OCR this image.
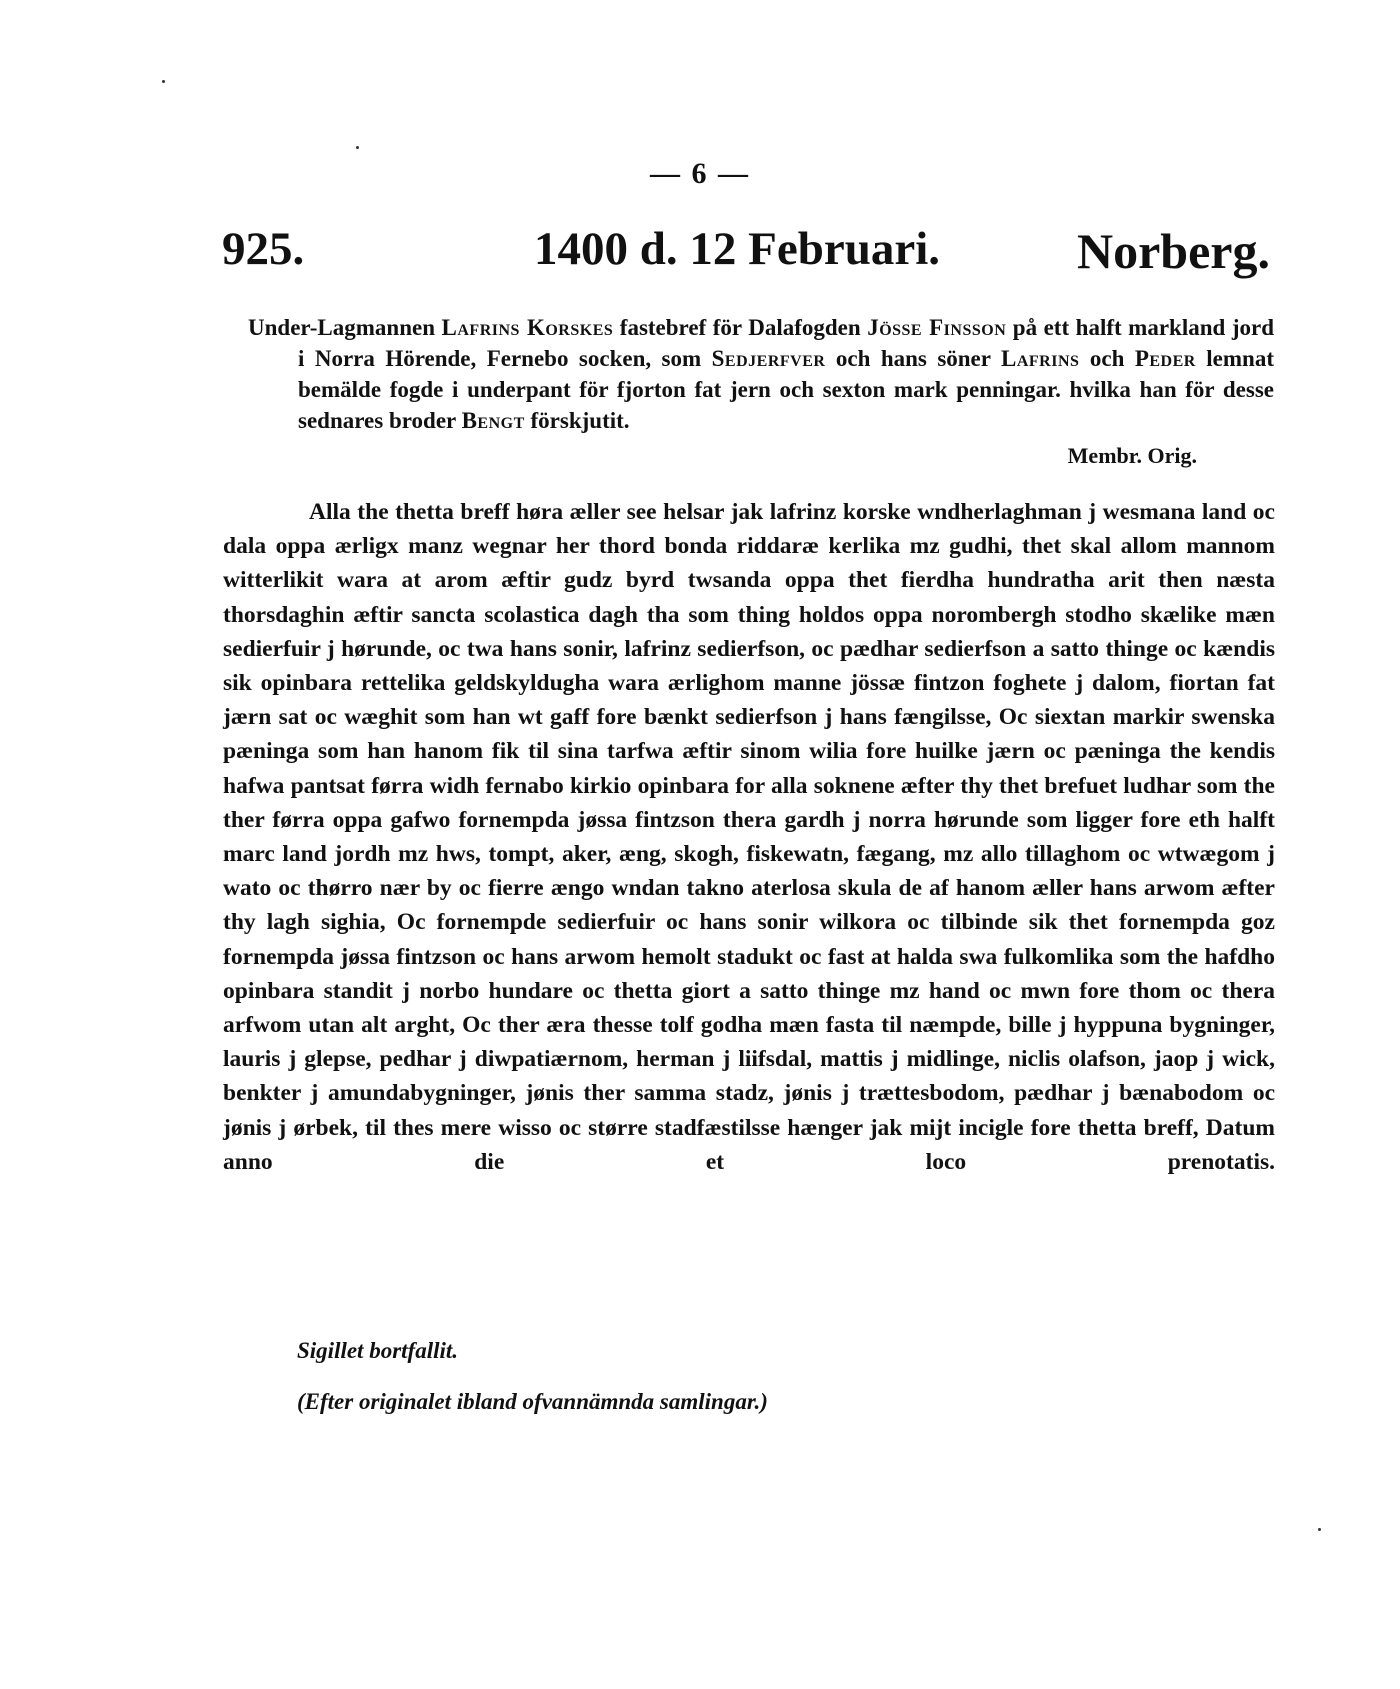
— 6 —
925.	1400 d. 12 Februari.	Norberg.

Under-Lagmannen Lafrins Korskes fastebref för Dalafogden Jösse Finsson på ett halft markland jord i Norra Hörende, Fernebo socken, som Sedjerfver och hans söner Lafrins och Peder lemnat bemälde fogde i underpant för fjorton fat jern och sexton mark penningar. hvilka han för desse sednares broder Bengt förskjutit.

Membr. Orig.

Alla the thetta breff høra æller see helsar jak lafrinz korske wndherlaghman j wesmana land oc dala oppa ærligx manz wegnar her thord bonda riddaræ kerlika mz gudhi, thet skal allom mannom witterlikit wara at arom æftir gudz byrd twsanda oppa thet fierdha hundratha arit then næsta thorsdaghin æftir sancta scolastica dagh tha som thing holdos oppa norombergh stodho skælike mæn sedierfuir j hørunde, oc twa hans sonir, lafrinz sedierfson, oc pædhar sedierfson a satto thinge oc kændis sik opinbara rettelika geldskyldugha wara ærlighom manne jössæ fintzon foghete j dalom, fiortan fat jærn sat oc wæghit som han wt gaff fore bænkt sedierfson j hans fængilsse, Oc siextan markir swenska pæninga som han hanom fik til sina tarfwa æftir sinom wilia fore huilke jærn oc pæninga the kendis hafwa pantsat førra widh fernabo kirkio opinbara for alla soknene æfter thy thet brefuet ludhar som the ther førra oppa gafwo fornempda jøssa fintzson thera gardh j norra hørunde som ligger fore eth halft marc land jordh mz hws, tompt, aker, æng, skogh, fiskewatn, fægang, mz allo tillaghom oc wtwægom j wato oc thørro nær by oc fierre ængo wndan takno aterlosa skula de af hanom æller hans arwom æfter thy lagh sighia, Oc fornempde sedierfuir oc hans sonir wilkora oc tilbinde sik thet fornempda goz fornempda jøssa fintzson oc hans arwom hemolt stadukt oc fast at halda swa fulkomlika som the hafdho opinbara standit j norbo hundare oc thetta giort a satto thinge mz hand oc mwn fore thom oc thera arfwom utan alt arght, Oc ther æra thesse tolf godha mæn fasta til næmpde, bille j hyppuna bygninger, lauris j glepse, pedhar j diwpatiærnom, herman j liifsdal, mattis j midlinge, niclis olafson, jaop j wick, benkter j amundabygninger, jønis ther samma stadz, jønis j trættesbodom, pædhar j bænabodom oc jønis j ørbek, til thes mere wisso oc større stadfæstilsse hænger jak mijt incigle fore thetta breff, Datum anno die et loco prenotatis.

Sigillet bortfallit.
(Efter originalet ibland ofvannämnda samlingar.)
